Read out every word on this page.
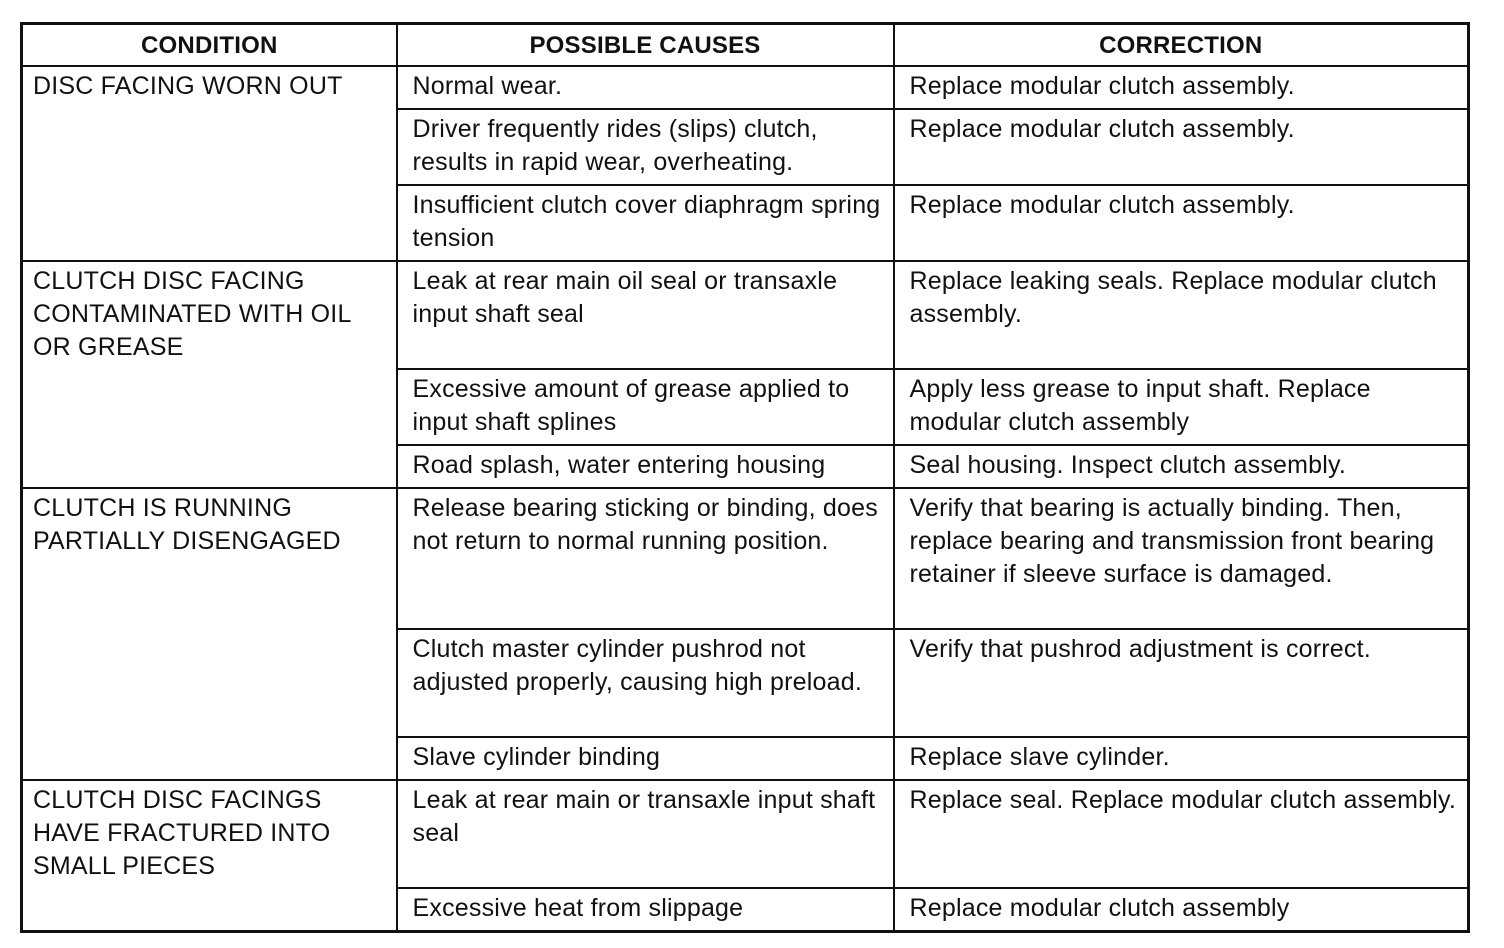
CONDITION	POSSIBLE CAUSES	CORRECTION
DISC FACING WORN OUT	Normal wear.	Replace modular clutch assembly.
	Driver frequently rides (slips) clutch, results in rapid wear, overheating.	Replace modular clutch assembly.
	Insufficient clutch cover diaphragm spring tension	Replace modular clutch assembly.
CLUTCH DISC FACING CONTAMINATED WITH OIL OR GREASE	Leak at rear main oil seal or transaxle input shaft seal	Replace leaking seals. Replace modular clutch assembly.
	Excessive amount of grease applied to input shaft splines	Apply less grease to input shaft. Replace modular clutch assembly
	Road splash, water entering housing	Seal housing. Inspect clutch assembly.
CLUTCH IS RUNNING PARTIALLY DISENGAGED	Release bearing sticking or binding, does not return to normal running position.	Verify that bearing is actually binding. Then, replace bearing and transmission front bearing retainer if sleeve surface is damaged.
	Clutch master cylinder pushrod not adjusted properly, causing high preload.	Verify that pushrod adjustment is correct.
	Slave cylinder binding	Replace slave cylinder.
CLUTCH DISC FACINGS HAVE FRACTURED INTO SMALL PIECES	Leak at rear main or transaxle input shaft seal	Replace seal. Replace modular clutch assembly.
	Excessive heat from slippage	Replace modular clutch assembly
